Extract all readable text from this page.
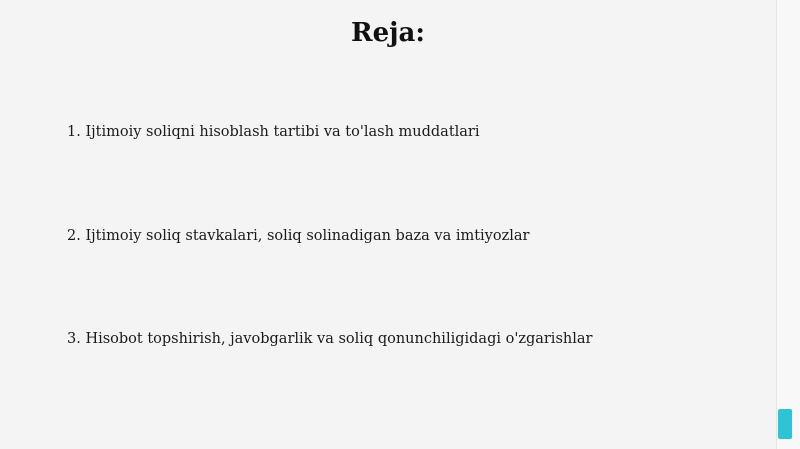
Reja:
1. Ijtimoiy soliqni hisoblash tartibi va to'lash muddatlari
2. Ijtimoiy soliq stavkalari, soliq solinadigan baza va imtiyozlar
3. Hisobot topshirish, javobgarlik va soliq qonunchiligidagi o'zgarishlar
